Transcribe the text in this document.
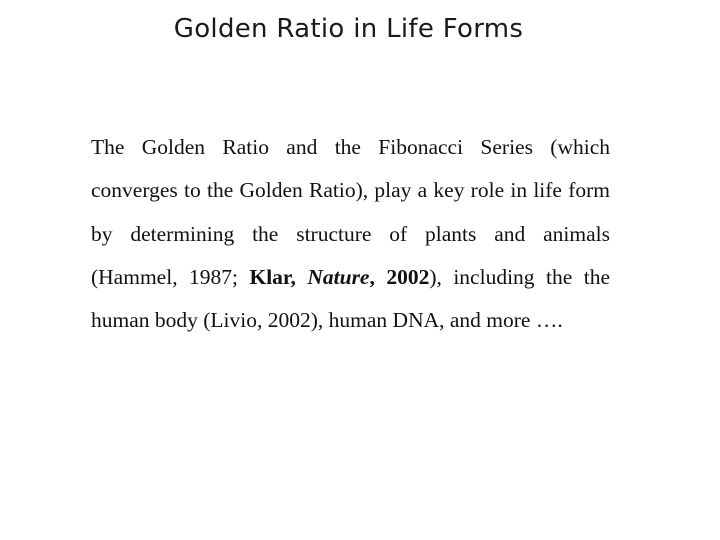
Golden Ratio in Life Forms

The Golden Ratio and the Fibonacci Series (which converges to the Golden Ratio), play a key role in life form by determining the structure of plants and animals (Hammel, 1987; Klar, Nature, 2002), including the the human body (Livio, 2002), human DNA, and more ….
